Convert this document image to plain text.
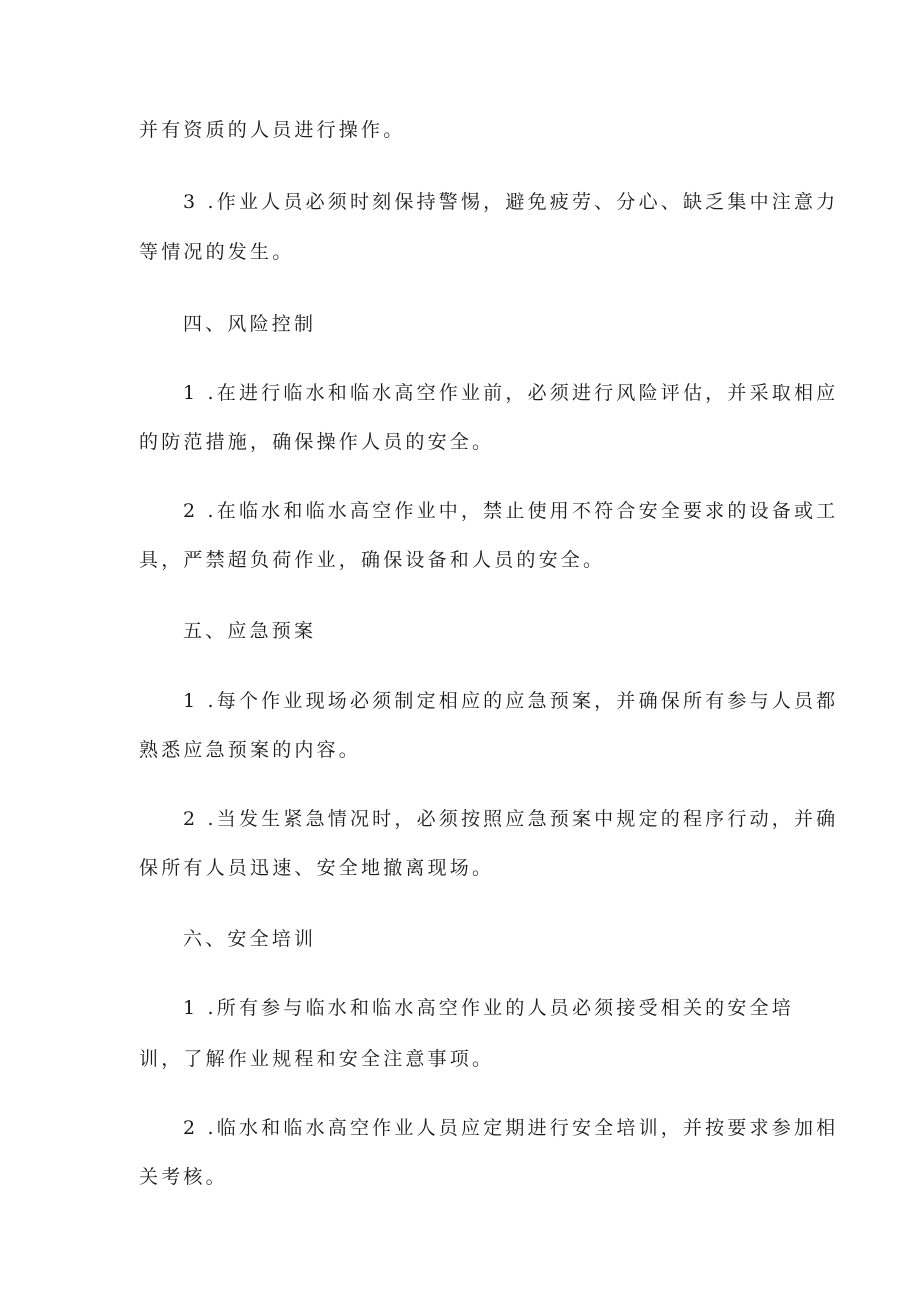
并有资质的人员进行操作。

3 .作业人员必须时刻保持警惕，避免疲劳、分心、缺乏集中注意力

等情况的发生。

四、风险控制

1 .在进行临水和临水高空作业前，必须进行风险评估，并采取相应

的防范措施，确保操作人员的安全。

2 .在临水和临水高空作业中，禁止使用不符合安全要求的设备或工

具，严禁超负荷作业，确保设备和人员的安全。

五、应急预案

1 .每个作业现场必须制定相应的应急预案，并确保所有参与人员都

熟悉应急预案的内容。

2 .当发生紧急情况时，必须按照应急预案中规定的程序行动，并确

保所有人员迅速、安全地撤离现场。

六、安全培训

1 .所有参与临水和临水高空作业的人员必须接受相关的安全培

训，了解作业规程和安全注意事项。

2 .临水和临水高空作业人员应定期进行安全培训，并按要求参加相

关考核。
